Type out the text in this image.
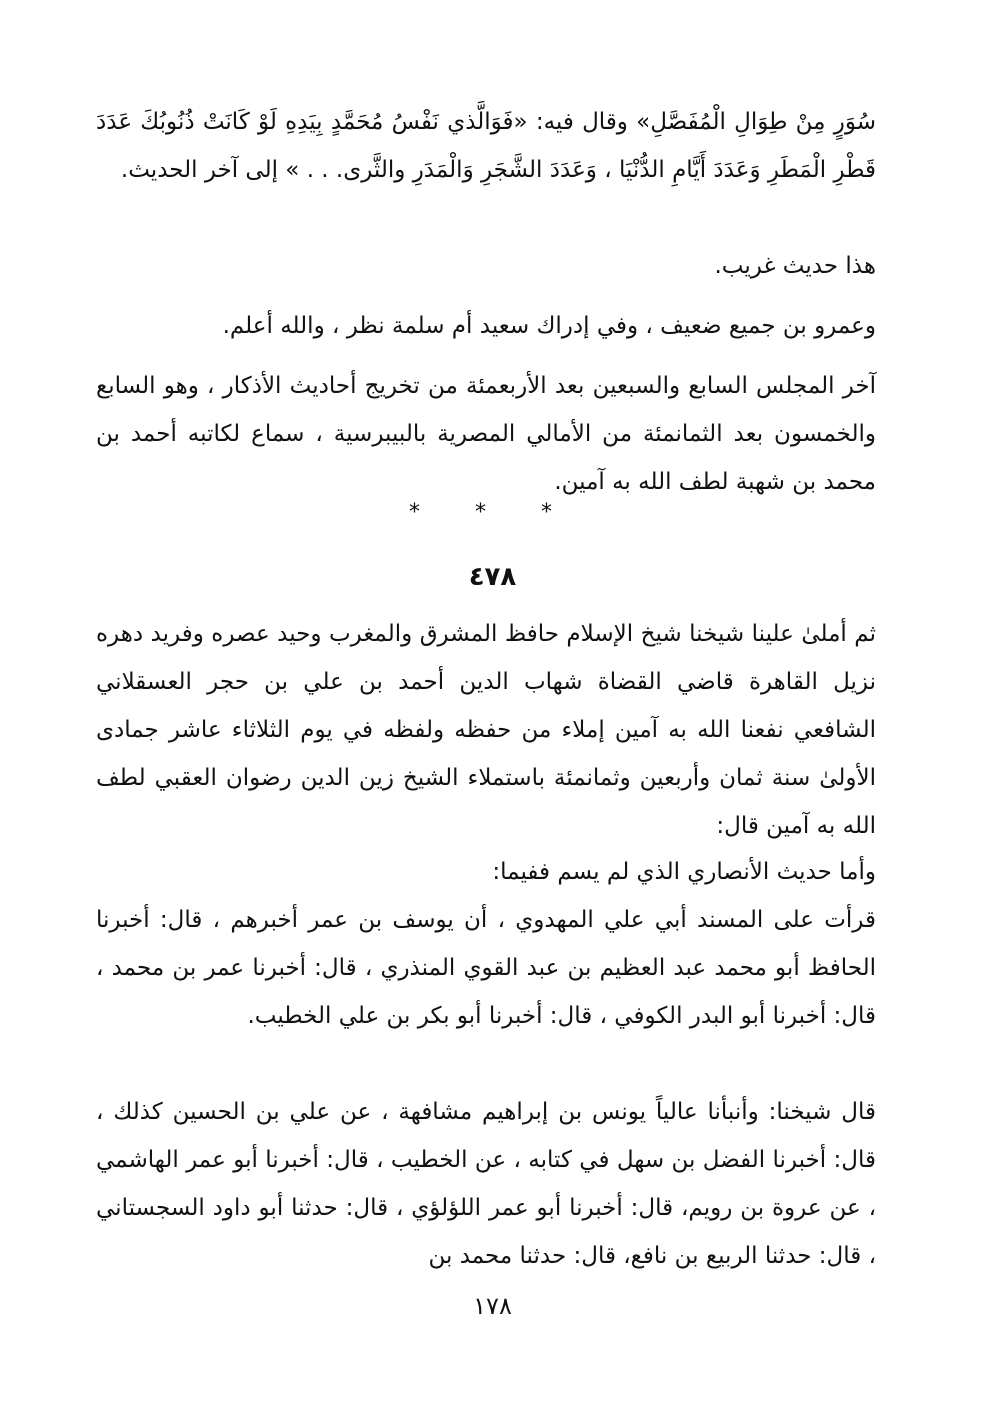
سُوَرٍ مِنْ طِوَالِ الْمُفَصَّلِ» وقال فيه: «فَوَالَّذي نَفْسُ مُحَمَّدٍ بِيَدِهِ لَوْ كَانَتْ ذُنُوبُكَ عَدَدَ قَطْرِ الْمَطَرِ وَعَدَدَ أَيَّامِ الدُّنْيَا ، وَعَدَدَ الشَّجَرِ وَالْمَدَرِ والثَّرى. . . » إلى آخر الحديث.

هذا حديث غريب.

وعمرو بن جميع ضعيف ، وفي إدراك سعيد أم سلمة نظر ، والله أعلم.

آخر المجلس السابع والسبعين بعد الأربعمئة من تخريج أحاديث الأذكار ، وهو السابع والخمسون بعد الثمانمئة من الأمالي المصرية بالبيبرسية ، سماع لكاتبه أحمد بن محمد بن شهبة لطف الله به آمين.

* * *
٤٧٨

ثم أملىٰ علينا شيخنا شيخ الإسلام حافظ المشرق والمغرب وحيد عصره وفريد دهره نزيل القاهرة قاضي القضاة شهاب الدين أحمد بن علي بن حجر العسقلاني الشافعي نفعنا الله به آمين إملاء من حفظه ولفظه في يوم الثلاثاء عاشر جمادى الأولىٰ سنة ثمان وأربعين وثمانمئة باستملاء الشيخ زين الدين رضوان العقبي لطف الله به آمين قال:

وأما حديث الأنصاري الذي لم يسم ففيما:

قرأت على المسند أبي علي المهدوي ، أن يوسف بن عمر أخبرهم ، قال: أخبرنا الحافظ أبو محمد عبد العظيم بن عبد القوي المنذري ، قال: أخبرنا عمر بن محمد ، قال: أخبرنا أبو البدر الكوفي ، قال: أخبرنا أبو بكر بن علي الخطيب.

قال شيخنا: وأنبأنا عالياً يونس بن إبراهيم مشافهة ، عن علي بن الحسين كذلك ، قال: أخبرنا الفضل بن سهل في كتابه ، عن الخطيب ، قال: أخبرنا أبو عمر الهاشمي ، عن عروة بن رويم، قال: أخبرنا أبو عمر اللؤلؤي ، قال: حدثنا أبو داود السجستاني ، قال: حدثنا الربيع بن نافع، قال: حدثنا محمد بن

١٧٨
